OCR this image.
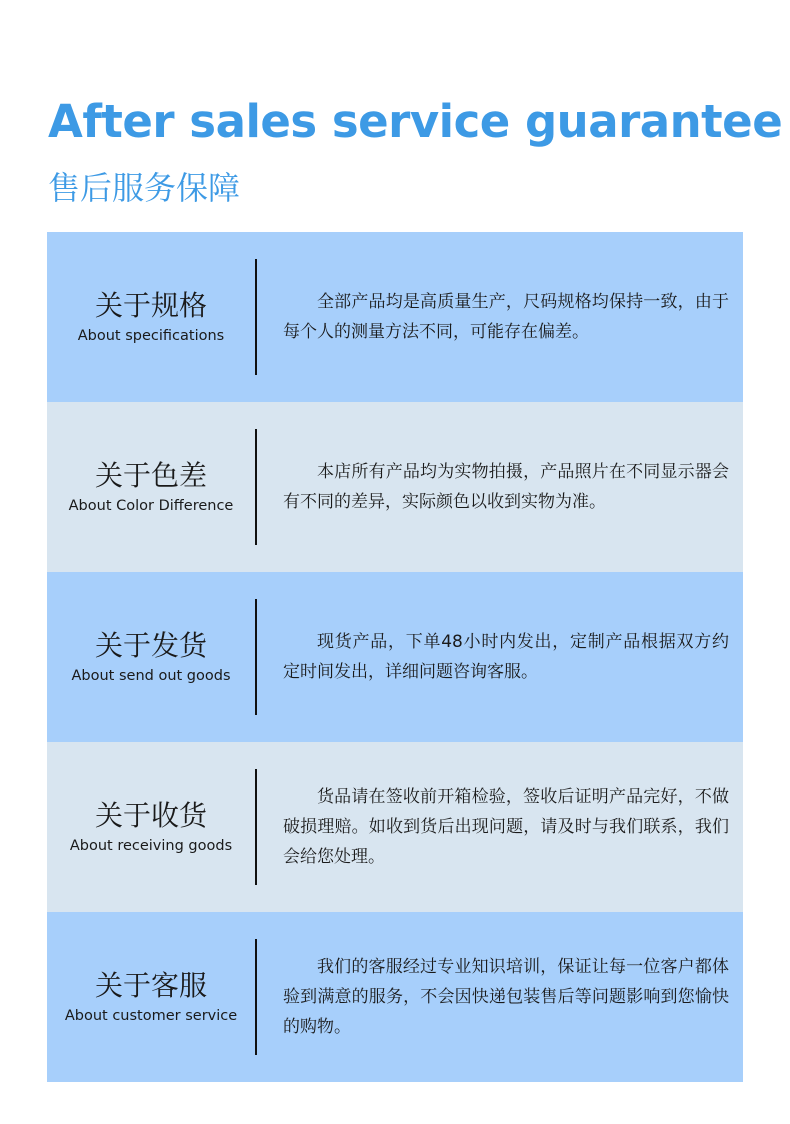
After sales service guarantee
售后服务保障
关于规格
About specifications

全部产品均是高质量生产，尺码规格均保持一致，由于每个人的测量方法不同，可能存在偏差。

关于色差
About Color Difference

本店所有产品均为实物拍摄，产品照片在不同显示器会有不同的差异，实际颜色以收到实物为准。

关于发货
About send out goods

现货产品，下单48小时内发出，定制产品根据双方约定时间发出，详细问题咨询客服。

关于收货
About receiving goods

货品请在签收前开箱检验，签收后证明产品完好，不做破损理赔。如收到货后出现问题，请及时与我们联系，我们会给您处理。

关于客服
About customer service

我们的客服经过专业知识培训，保证让每一位客户都体验到满意的服务，不会因快递包装售后等问题影响到您愉快的购物。
